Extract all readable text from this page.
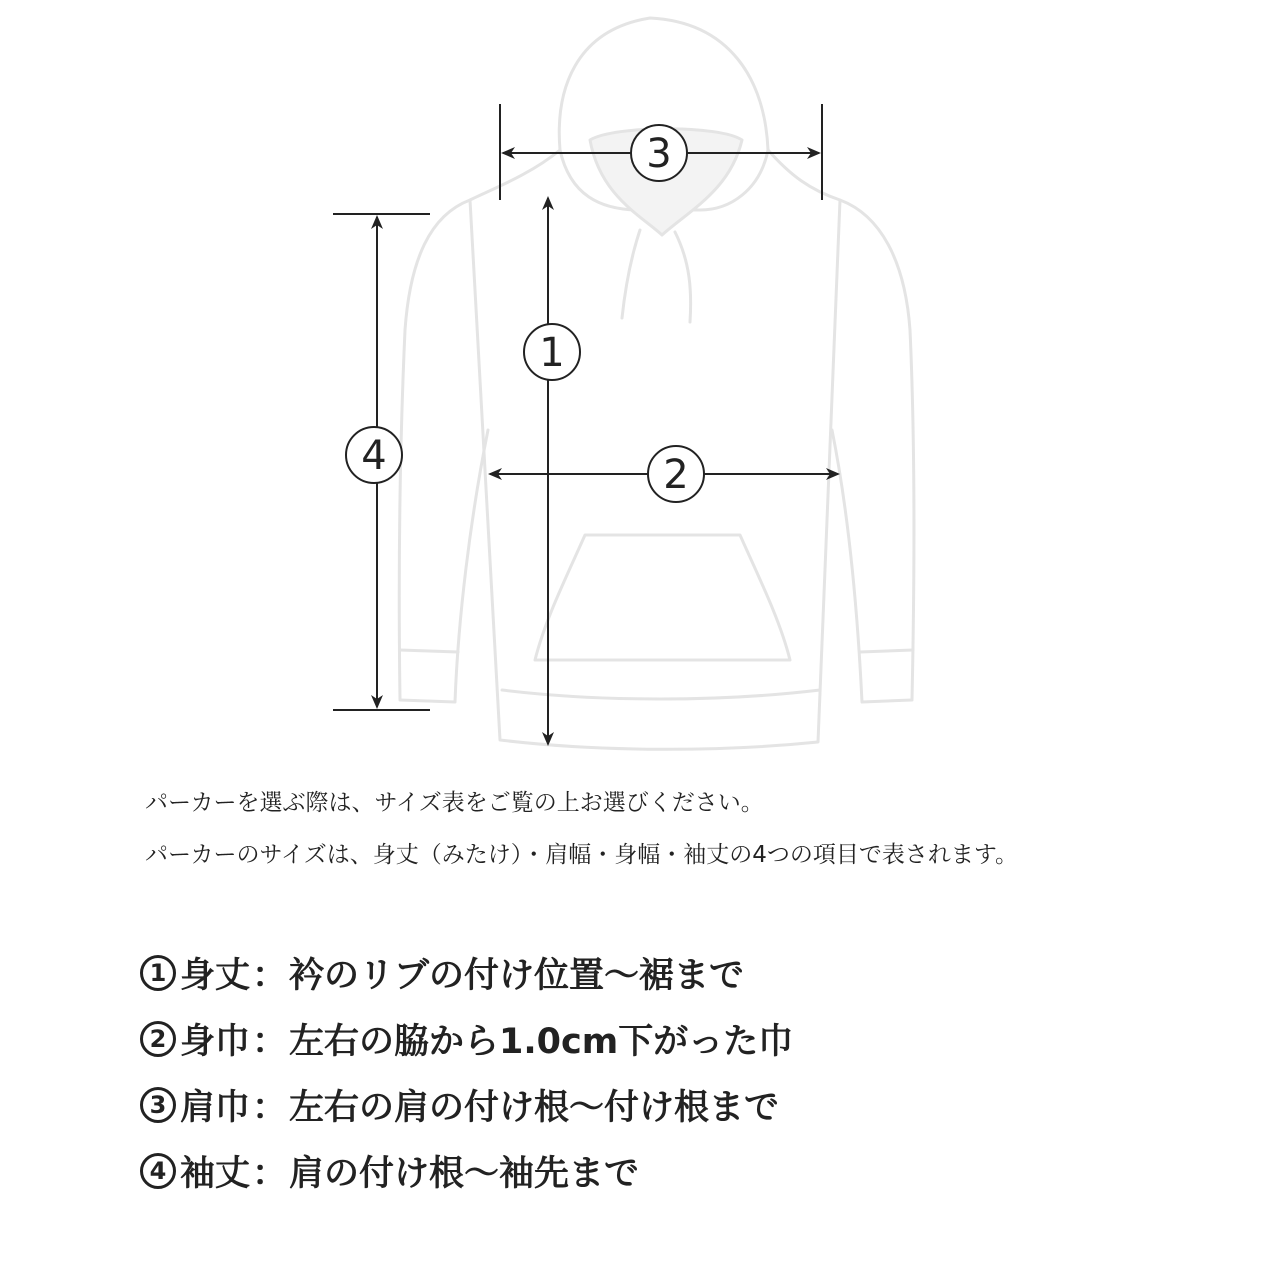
3
1
4	2
パーカーを選ぶ際は、サイズ表をご覧の上お選びください。
パーカーのサイズは、身丈（みたけ）・肩幅・身幅・袖丈の4つの項目で表されます。
1 身丈 ： 衿のリブの付け位置～裾まで
2 身巾 ： 左右の脇から1.0cm下がった巾
3 肩巾 ： 左右の肩の付け根～付け根まで
4 袖丈 ： 肩の付け根～袖先まで
